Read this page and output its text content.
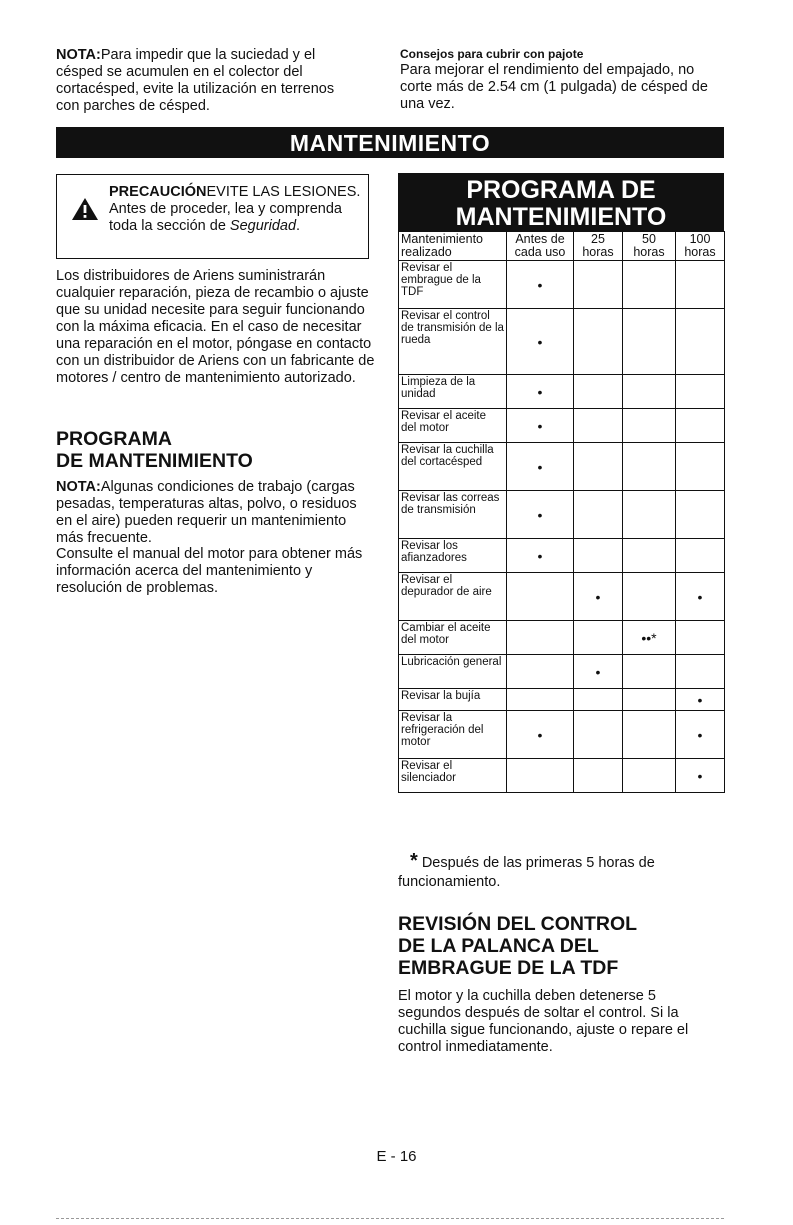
NOTA:Para impedir que la suciedad y el césped se acumulen en el colector del cortacésped, evite la utilización en terrenos con parches de césped.
Consejos para cubrir con pajote

Para mejorar el rendimiento del empajado, no corte más de 2.54 cm (1 pulgada) de césped de una vez.

MANTENIMIENTO
PRECAUCIÓNEVITE LAS LESIONES. Antes de proceder, lea y comprenda toda la sección de Seguridad.

Los distribuidores de Ariens suministrarán cualquier reparación, pieza de recambio o ajuste que su unidad necesite para seguir funcionando con la máxima eficacia. En el caso de necesitar una reparación en el motor, póngase en contacto con un distribuidor de Ariens con un fabricante de motores / centro de mantenimiento autorizado.

PROGRAMA
DE MANTENIMIENTO

NOTA:Algunas condiciones de trabajo (cargas pesadas, temperaturas altas, polvo, o residuos en el aire) pueden requerir un mantenimiento más frecuente.

Consulte el manual del motor para obtener más información acerca del mantenimiento y resolución de problemas.

PROGRAMA DE
MANTENIMIENTO
Mantenimiento realizado	Antes de cada uso	25 horas	50 horas	100 horas
Revisar el embrague de la TDF	•			
Revisar el control de transmisión de la rueda	•			
Limpieza de la unidad	•			
Revisar el aceite del motor	•			
Revisar la cuchilla del cortacésped	•			
Revisar las correas de transmisión	•			
Revisar los afianzadores	•			
Revisar el depurador de aire		•		•
Cambiar el aceite del motor			••*	
Lubricación general		•		
Revisar la bujía				•
Revisar la refrigeración del motor	•			•
Revisar el silenciador				•
* Después de las primeras 5 horas de funcionamiento.
REVISIÓN DEL CONTROL
DE LA PALANCA DEL
EMBRAGUE DE LA TDF

El motor y la cuchilla deben detenerse 5 segundos después de soltar el control. Si la cuchilla sigue funcionando, ajuste o repare el control inmediatamente.

E - 16
